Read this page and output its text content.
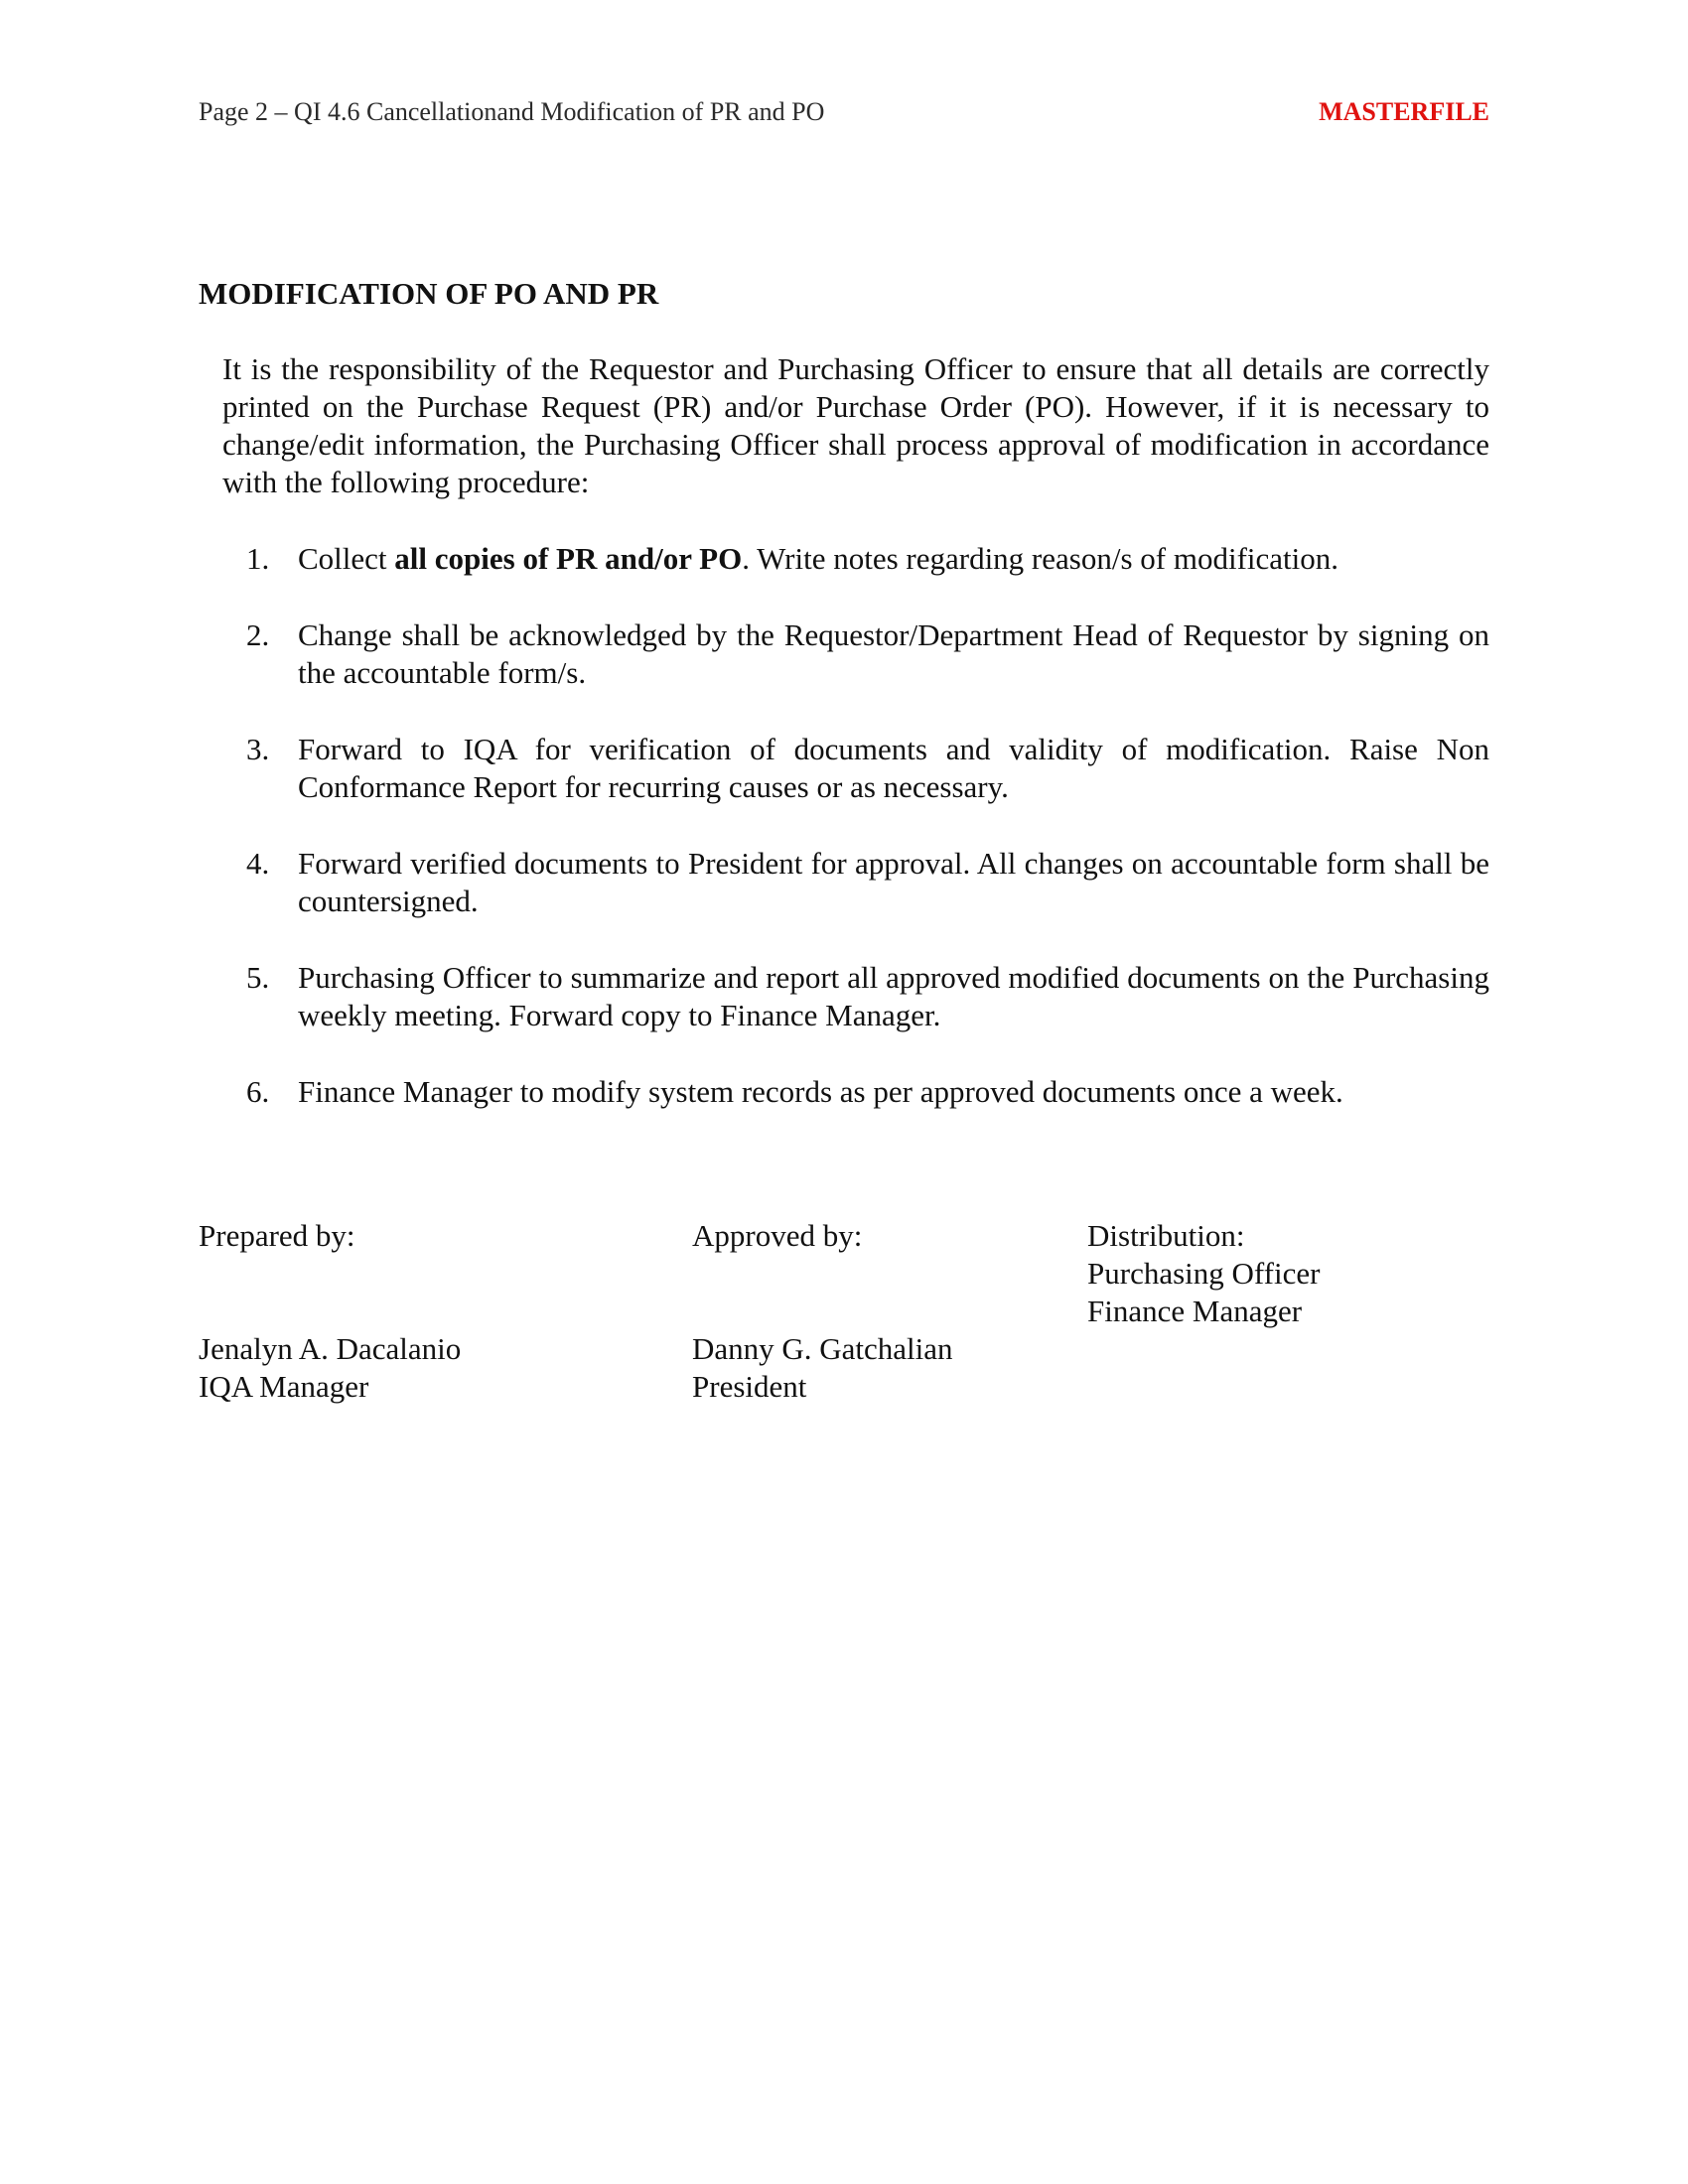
Page 2 – QI 4.6 Cancellationand Modification of PR and PO	MASTERFILE
MODIFICATION OF PO AND PR

It is the responsibility of the Requestor and Purchasing Officer to ensure that all details are correctly printed on the Purchase Request (PR) and/or Purchase Order (PO). However, if it is necessary to change/edit information, the Purchasing Officer shall process approval of modification in accordance with the following procedure:

1. Collect all copies of PR and/or PO. Write notes regarding reason/s of modification.
2. Change shall be acknowledged by the Requestor/Department Head of Requestor by signing on the accountable form/s.
3. Forward to IQA for verification of documents and validity of modification. Raise Non Conformance Report for recurring causes or as necessary.
4. Forward verified documents to President for approval. All changes on accountable form shall be countersigned.
5. Purchasing Officer to summarize and report all approved modified documents on the Purchasing weekly meeting. Forward copy to Finance Manager.
6. Finance Manager to modify system records as per approved documents once a week.
Prepared by:
Jenalyn A. Dacalanio
IQA Manager
Approved by:
Danny G. Gatchalian
President
Distribution:
Purchasing Officer
Finance Manager
